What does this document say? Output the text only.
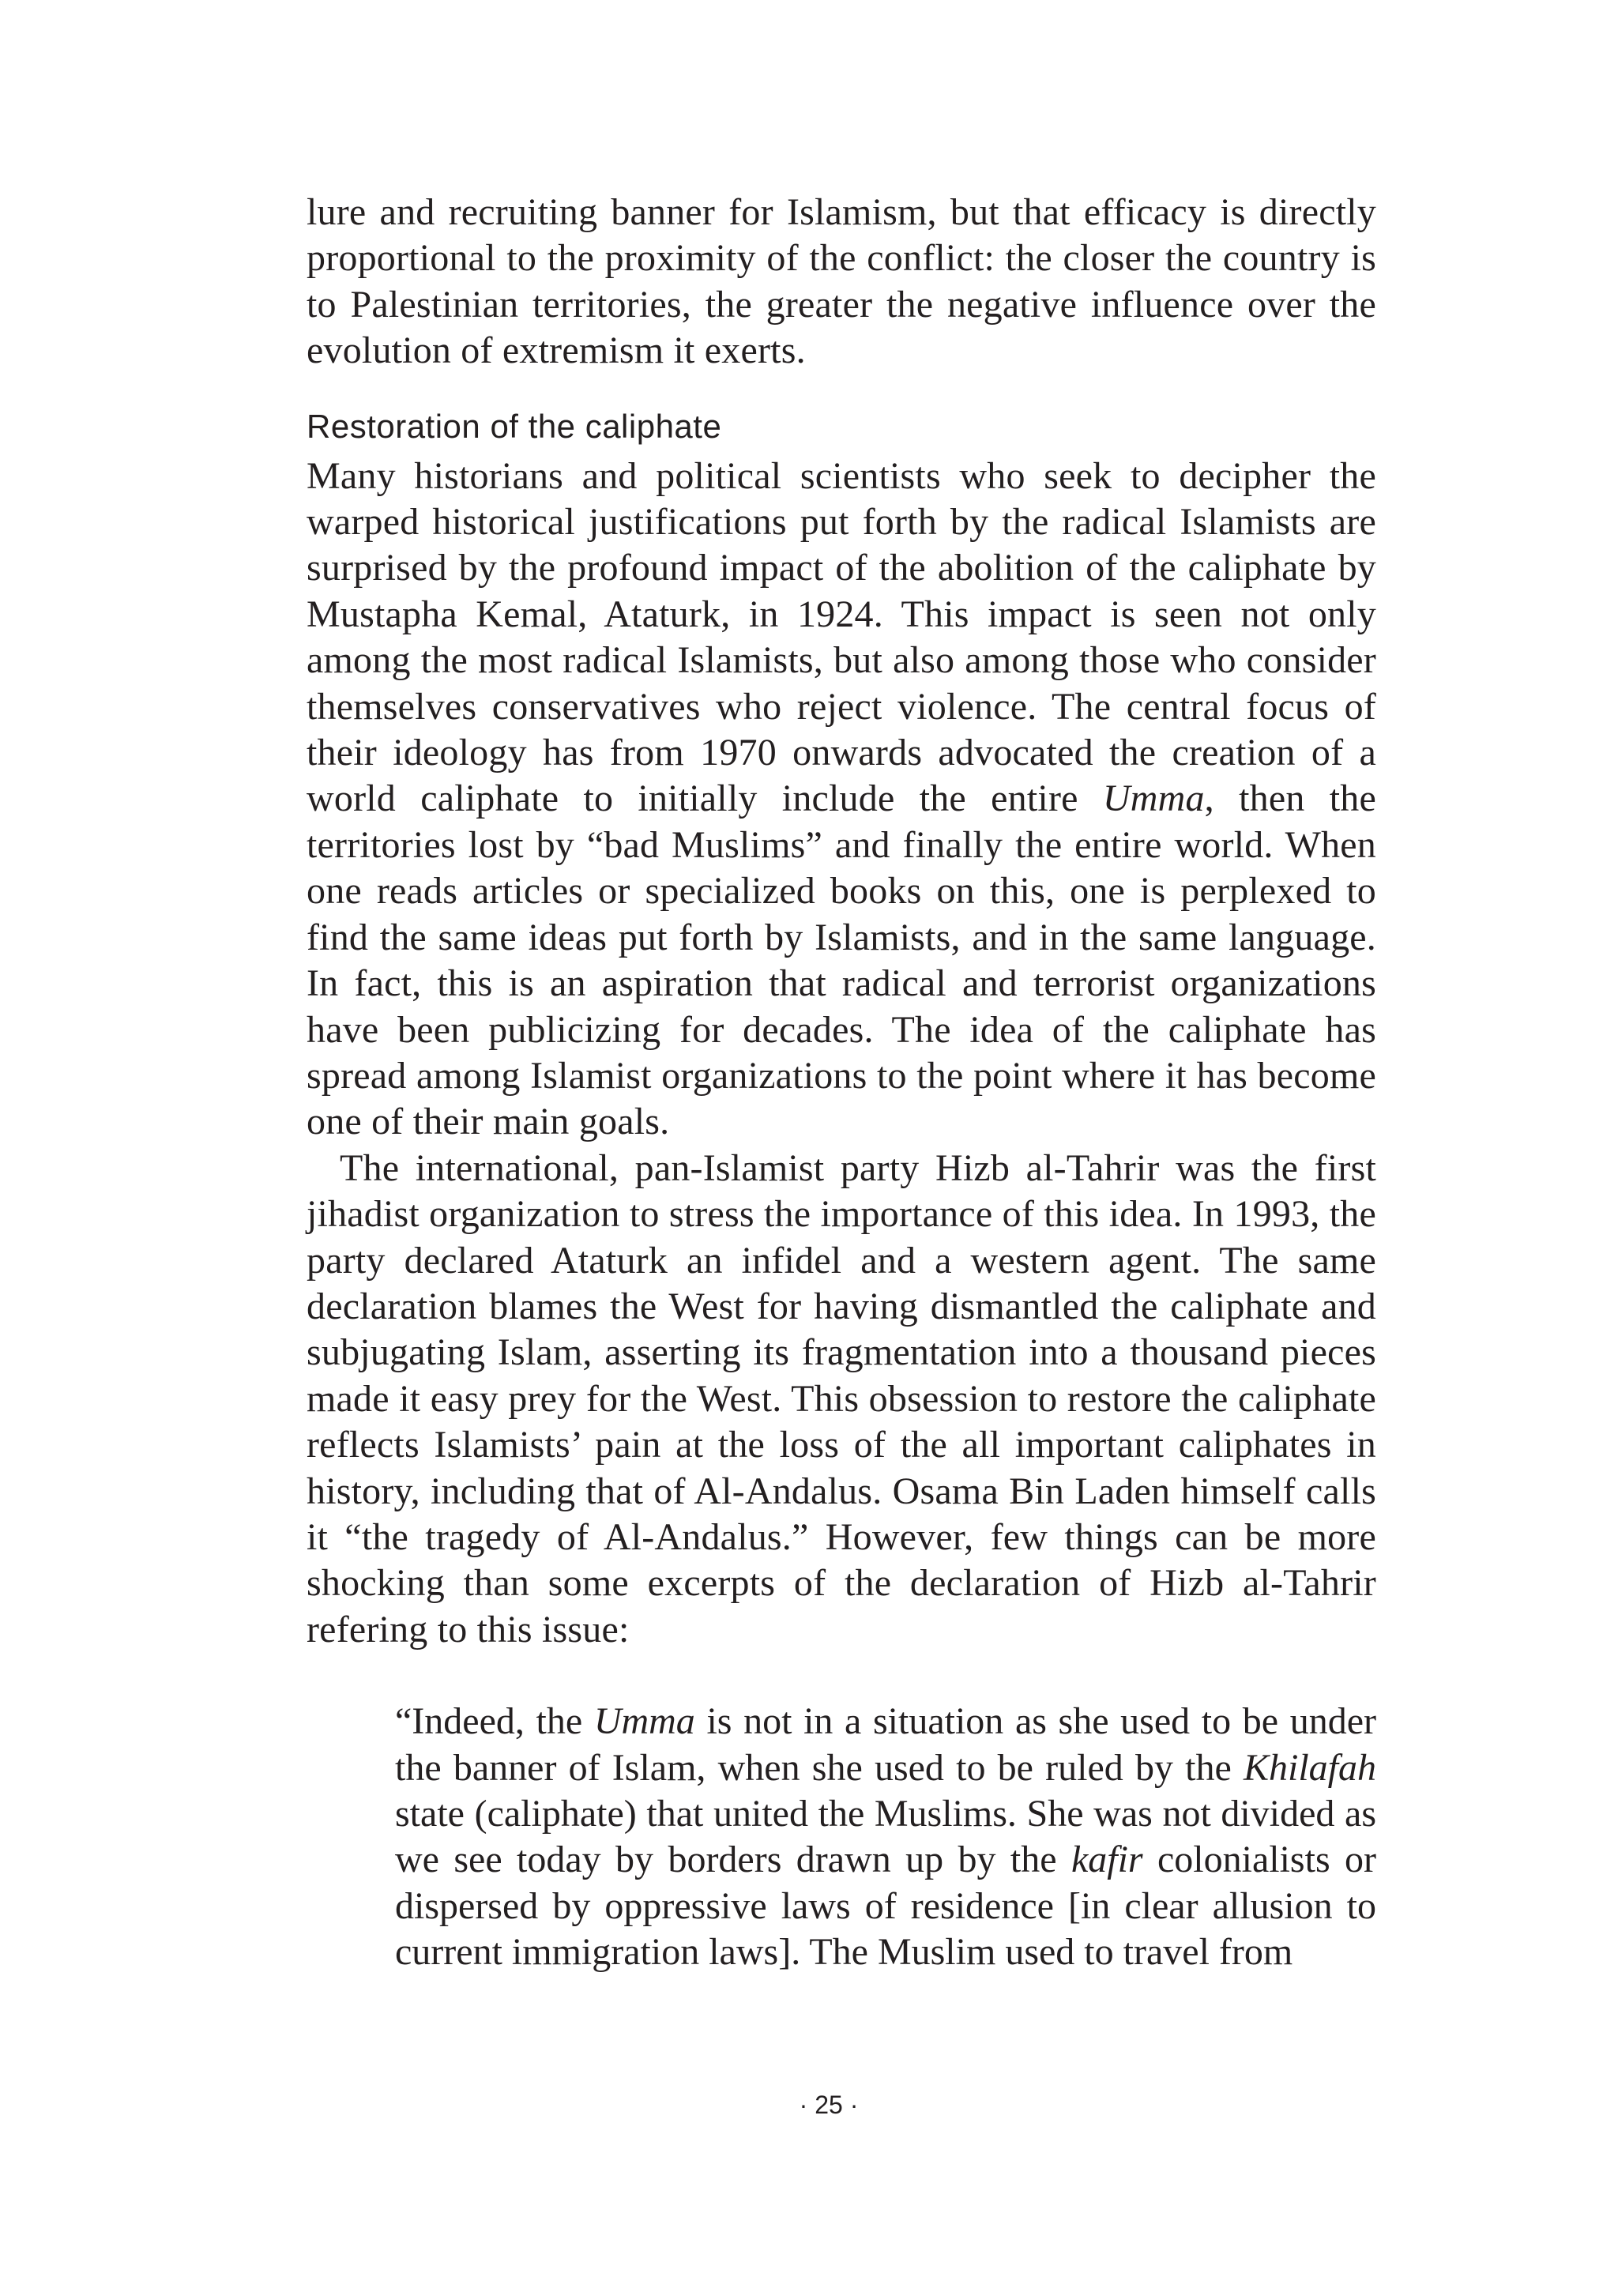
lure and recruiting banner for Islamism, but that efficacy is directly proportional to the proximity of the conflict: the closer the country is to Palestinian territories, the greater the negative influence over the evolution of extremism it exerts.

Restoration of the caliphate

Many historians and political scientists who seek to decipher the warped historical justifications put forth by the radical Islamists are surprised by the profound impact of the abolition of the caliphate by Mustapha Kemal, Ataturk, in 1924. This impact is seen not only among the most radical Islamists, but also among those who consider themselves conservatives who reject violence. The central focus of their ideology has from 1970 onwards advocated the creation of a world caliphate to initially include the entire Umma, then the territories lost by “bad Muslims” and finally the entire world. When one reads articles or specialized books on this, one is perplexed to find the same ideas put forth by Islamists, and in the same language. In fact, this is an aspiration that radical and terrorist organizations have been publicizing for decades. The idea of the caliphate has spread among Islamist organizations to the point where it has become one of their main goals.

The international, pan-Islamist party Hizb al-Tahrir was the first jihadist organization to stress the importance of this idea. In 1993, the party declared Ataturk an infidel and a western agent. The same declaration blames the West for having dismantled the caliphate and subjugating Islam, asserting its fragmentation into a thousand pieces made it easy prey for the West. This obsession to restore the caliphate reflects Islamists’ pain at the loss of the all important caliphates in history, including that of Al-Andalus. Osama Bin Laden himself calls it “the tragedy of Al-Andalus.” However, few things can be more shocking than some excerpts of the declaration of Hizb al-Tahrir refering to this issue:

“Indeed, the Umma is not in a situation as she used to be under the banner of Islam, when she used to be ruled by the Khilafah state (caliphate) that united the Muslims. She was not divided as we see today by borders drawn up by the kafir colonialists or dispersed by oppressive laws of residence [in clear allusion to current immigration laws]. The Muslim used to travel from

· 25 ·
